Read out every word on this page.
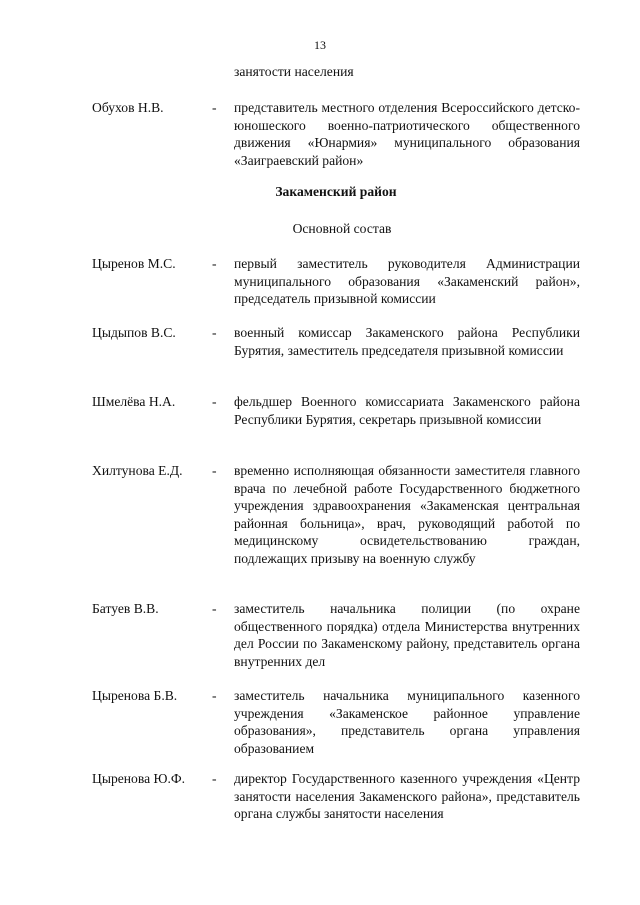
13
занятости населения
Обухов Н.В.	- представитель местного отделения Всероссийского детско-юношеского военно-патриотического общественного движения «Юнармия» муниципального образования «Заиграевский район»
Закаменский район
Основной состав
Цыренов М.С.	- первый заместитель руководителя Администрации муниципального образования «Закаменский район», председатель призывной комиссии
Цыдыпов В.С.	- военный комиссар Закаменского района Республики Бурятия, заместитель председателя призывной комиссии
Шмелёва Н.А.	- фельдшер Военного комиссариата Закаменского района Республики Бурятия, секретарь призывной комиссии
Хилтунова Е.Д. - временно исполняющая обязанности заместителя главного врача по лечебной работе Государственного бюджетного учреждения здравоохранения «Закаменская центральная районная больница», врач, руководящий работой по медицинскому освидетельствованию граждан, подлежащих призыву на военную службу
Батуев В.В.	- заместитель начальника полиции (по охране общественного порядка) отдела Министерства внутренних дел России по Закаменскому району, представитель органа внутренних дел
Цыренова Б.В.	- заместитель начальника муниципального казенного учреждения «Закаменское районное управление образования», представитель органа управления образованием
Цыренова Ю.Ф. - директор Государственного казенного учреждения «Центр занятости населения Закаменского района», представитель органа службы занятости населения
